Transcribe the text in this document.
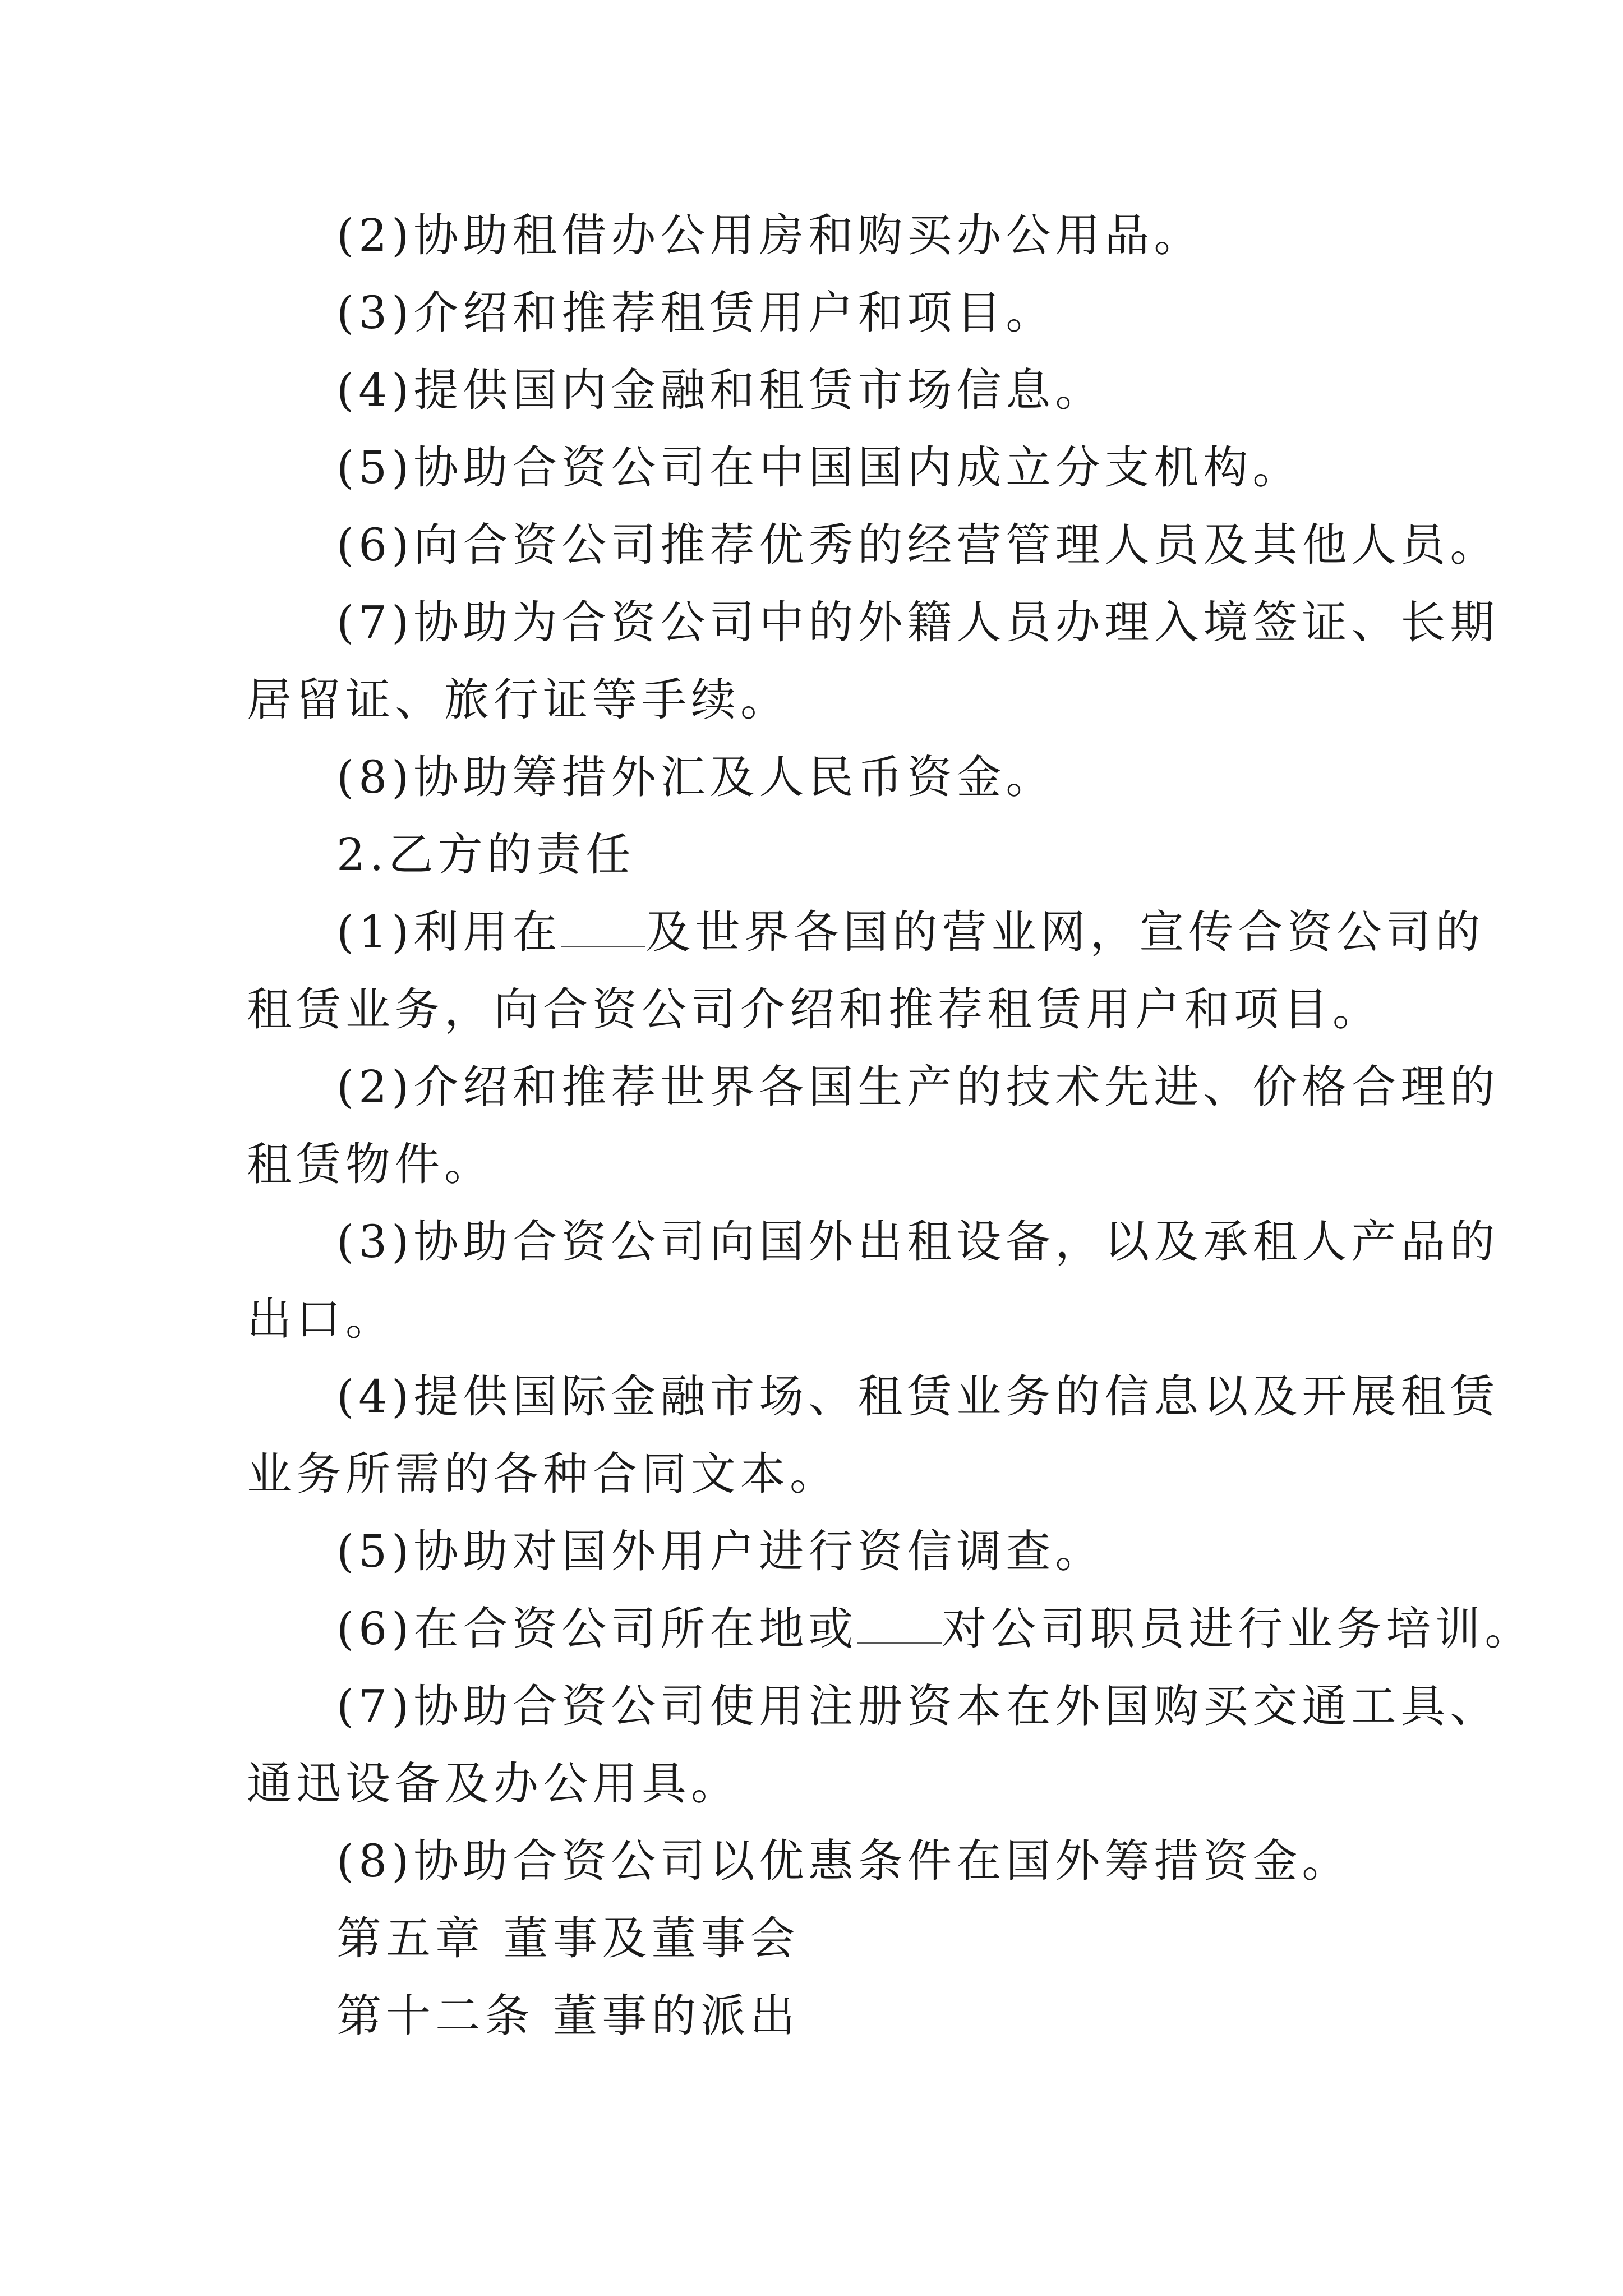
(2)协助租借办公用房和购买办公用品。
(3)介绍和推荐租赁用户和项目。
(4)提供国内金融和租赁市场信息。
(5)协助合资公司在中国国内成立分支机构。
(6)向合资公司推荐优秀的经营管理人员及其他人员。
(7)协助为合资公司中的外籍人员办理入境签证、长期
居留证、旅行证等手续。
(8)协助筹措外汇及人民币资金。
2.乙方的责任
(1)利用在 及世界各国的营业网，宣传合资公司的
租赁业务，向合资公司介绍和推荐租赁用户和项目。
(2)介绍和推荐世界各国生产的技术先进、价格合理的
租赁物件。
(3)协助合资公司向国外出租设备，以及承租人产品的
出口。
(4)提供国际金融市场、租赁业务的信息以及开展租赁
业务所需的各种合同文本。
(5)协助对国外用户进行资信调查。
(6)在合资公司所在地或 对公司职员进行业务培训。
(7)协助合资公司使用注册资本在外国购买交通工具、
通迅设备及办公用具。
(8)协助合资公司以优惠条件在国外筹措资金。
第五章 董事及董事会
第十二条 董事的派出
